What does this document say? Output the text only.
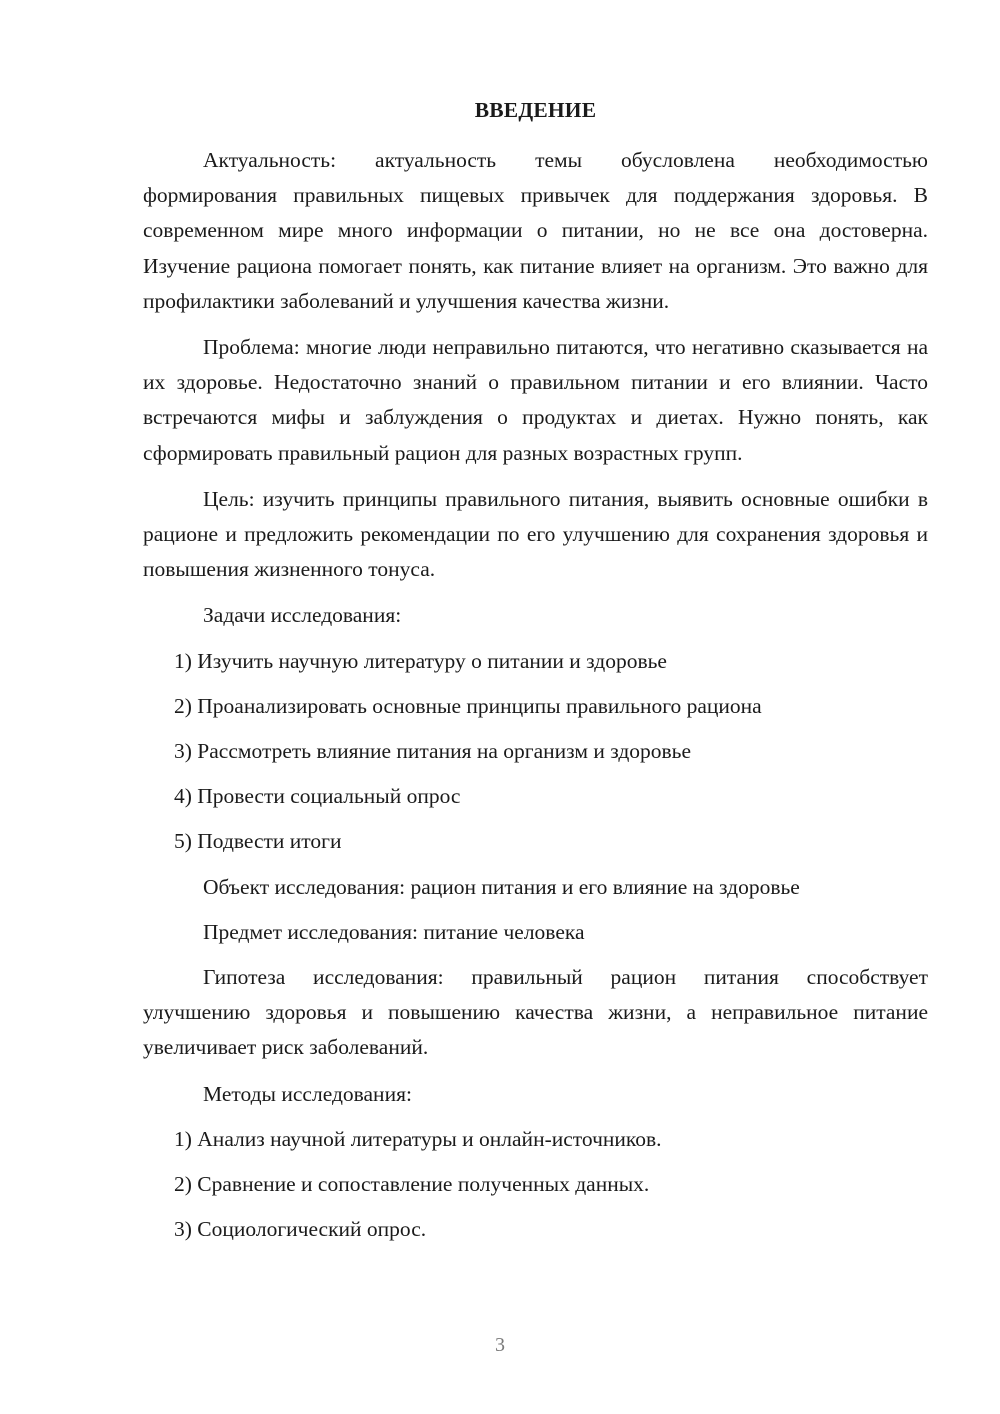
ВВЕДЕНИЕ

Актуальность: актуальность темы обусловлена необходимостью формирования правильных пищевых привычек для поддержания здоровья. В современном мире много информации о питании, но не все она достоверна. Изучение рациона помогает понять, как питание влияет на организм. Это важно для профилактики заболеваний и улучшения качества жизни.

Проблема: многие люди неправильно питаются, что негативно сказывается на их здоровье. Недостаточно знаний о правильном питании и его влиянии. Часто встречаются мифы и заблуждения о продуктах и диетах. Нужно понять, как сформировать правильный рацион для разных возрастных групп.

Цель: изучить принципы правильного питания, выявить основные ошибки в рационе и предложить рекомендации по его улучшению для сохранения здоровья и повышения жизненного тонуса.

Задачи исследования:
1) Изучить научную литературу о питании и здоровье
2) Проанализировать основные принципы правильного рациона
3) Рассмотреть влияние питания на организм и здоровье
4) Провести социальный опрос
5) Подвести итоги
Объект исследования: рацион питания и его влияние на здоровье
Предмет исследования: питание человека

Гипотеза исследования: правильный рацион питания способствует улучшению здоровья и повышению качества жизни, а неправильное питание увеличивает риск заболеваний.

Методы исследования:
1) Анализ научной литературы и онлайн-источников.
2) Сравнение и сопоставление полученных данных.
3) Социологический опрос.
3
